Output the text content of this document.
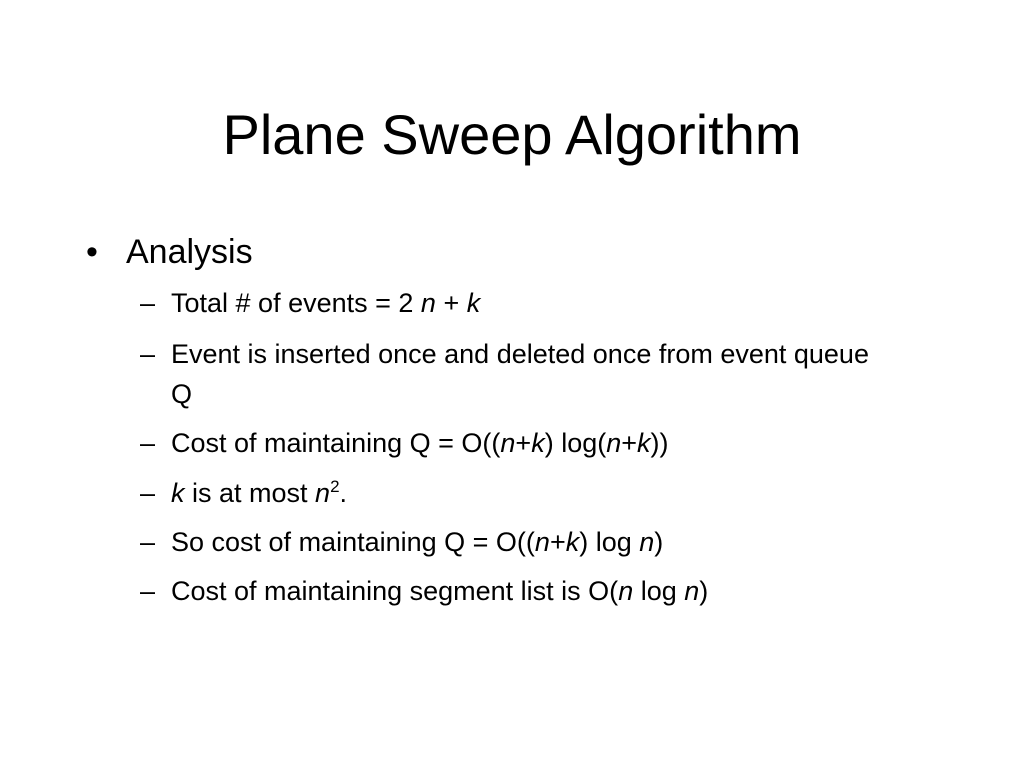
Plane Sweep Algorithm
• Analysis
– Total # of events = 2 n + k
– Event is inserted once and deleted once from event queue Q
– Cost of maintaining Q = O((n+k) log(n+k))
– k is at most $n^2$.
– So cost of maintaining Q = O((n+k) log n)
– Cost of maintaining segment list is O(n log n)
